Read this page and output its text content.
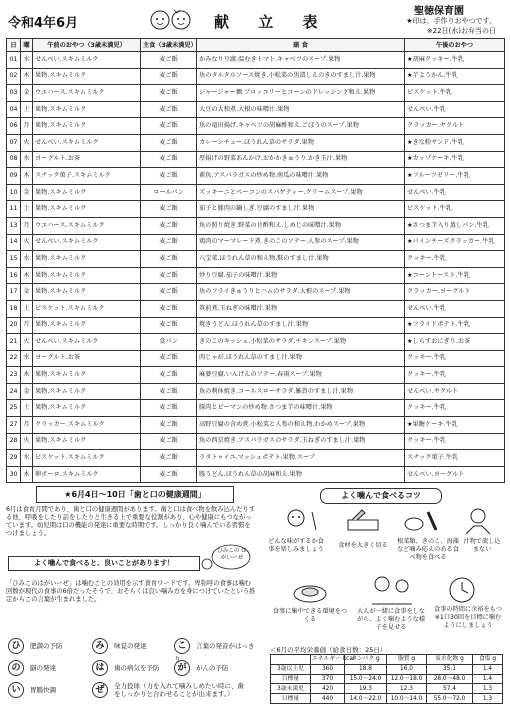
令和4年6月	献 立 表
聖徳保育園
★印は、手作りおやつです。
※22日(水)お弁当の日
日	曜	午前のおやつ（3歳未満児）	主食（3歳未満児）	副 食	午後のおやつ
01	水	せんべい.スキムミルク	麦ご飯	かみなり豆腐.温むきトマト.キャベツのスープ.果物	★胡麻クッキー.牛乳
02	木	果物.スキムミルク	麦ご飯	魚のタルタルソース焼き.小松菜の黒漬しえのきのすまし汁.果物	★芋ようかん.牛乳
03	金	ウエハース.スキムミルク	麦ご飯	ジャージャー麺.ブロッコリーとコーンのドレッシング和え.果物	ビスケット.牛乳
04	土	果物.スキムミルク	麦ご飯	大豆の大和煮.大根の味噌汁.果物	せんべい.牛乳
06	月	果物.スキムミルク	麦ご飯	魚の竜田揚げ.キャベツの胡麻酢和え.ごぼうのスープ.果物	クラッカー.ヤクルト
07	火	せんべい.スキムミルク	麦ご飯	カレーシチュー.ほうれん草のサラダ.果物	★きな粉サンド.牛乳
08	水	ヨーグルト.お茶	麦ご飯	厚揚げの野菜あんかけ.おかかきゅうり.かき玉汁.果物	★カップケーキ.牛乳
09	木	スナック菓子.スキムミルク	麦ご飯	素魚.アスパラガスの炒め物.南瓜の味噌汁.果物	★フルーツゼリー.牛乳
10	金	果物.スキムミルク	ロールパン	ズッキーニとベーコンのスパゲティー.クリームスープ.果物	せんべい.牛乳
11	土	果物.スキムミルク	麦ご飯	茄子と豚肉の鍋しぎ.豆腐のすまし汁.果物	ビスケット.牛乳
13	月	ウエハース.スキムミルク	麦ご飯	魚の照り焼き.野菜の甘酢和え.しめじの味噌汁.果物	★さつま芋入り蒸しパン.牛乳
14	火	せんべい.スキムミルク	麦ご飯	鶏肉のマーマレード煮.きのこのソテー.人参のスープ.果物	★パインチーズクラッカー.牛乳
15	水	果物.スキムミルク	麦ご飯	八宝菜.ほうれん草の和え物.麩のすまし汁.果物	クッキー.牛乳
16	木	果物.スキムミルク	麦ご飯	炒り豆腐.茄子の味噌汁.果物	★コーントースト.牛乳
17	金	果物.スキムミルク	麦ご飯	魚のフライきゅうりとハムのサラダ.大根のスープ.果物	クラッカー.ヨーグルト
18	土	ビスケット.スキムミルク	麦ご飯	筑前煮.玉ねぎの味噌汁.果物	せんべい.牛乳
20	月	果物.スキムミルク	麦ご飯	焼きうどん.ほうれん草のすまし汁.果物	★フライドポテト.牛乳
21	火	せんべい.スキムミルク	食パン	きのこのキッシュ.小松菜のサラダ.チキンスープ.果物	★しらすおにぎり.お茶
22	水	ヨーグルト.お茶	麦ご飯	肉じゃが.ほうれん草のすまし汁.果物	クッキー.牛乳
23	木	果物.スキムミルク	麦ご飯	麻婆豆腐.いんげんのソテー.春雨スープ.果物	クッキー.牛乳
24	金	果物.スキムミルク	麦ご飯	魚の利休焼き.コールスローサラダ.雑貨のすまし汁.果物	せんべい.ヤクルト
25	土	果物.スキムミルク	麦ご飯	豚肉とピーマンの炒め物.さつま芋の味噌汁.果物	クッキー.牛乳
27	月	クラッカー.スキムミルク	麦ご飯	高野豆腐の含め煮.小松菜と人参の和え物.わかめスープ.果物	★果糖ケーキ.牛乳
28	火	果物.スキムミルク	麦ご飯	魚の西京焼き.アスパラガスのサラダ.玉ねぎのすまし汁.果物	クッキー.牛乳
29	水	ビスケット.スキムミルク	麦ご飯	ラタトゥイユ.マッシュポテト.果物.スープ	スナック菓子.牛乳
30	木	卵ボーロ.スキムミルク	麦ご飯	豚うどん.ほうれん草の胡麻和え.果物	せんべい.ヨーグルト
★6月4日〜10日「歯と口の健康週間」
6月は食育月間であり、歯と口の健康週間があります。歯と口は食べ物を飲み込んだりする他、呼吸をしたり話をしたりと生きる上で重要な役割があり、心や健康にもつながっています。幼児期は口の機能の発達に重要な時期です。しっかり良く噛んでいる習慣をつけましょう。
よく噛んで食べると、良いことがあります！
ひみこの はがいーぜ
「ひみこのはがいーぜ」は噛むことの効用を示す食育ワードです。卑弥呼の食事は噛む回数が現代の食事の6倍だったそうで、おそらくは良い噛み方を身につけていたという推定からこの言葉が生まれました。
ひ 肥満の予防	み 味覚の発達	こ 言葉の発音がはっきり
の 脳の発達	は 歯の病気を予防	が がんの予防
い 胃腸快調	ぜ 全力投球（力を入れて噛みしめたい時に、歯をしっかりと合わせることが出来ます。）
よく噛んで食べるコツ
どんな味がするか食事を楽しみましょう
食材を大きく切る
根菜類、きのこ、海藻など噛み応えのある食べ物を食べる
汁物で流し込まない
食事に集中できる環境をつくる
大人が一緒に食事をしながら、よく噛むような様子を見せる
食事の時間に余裕をもつ ※1口30回を目標に噛むようにしましょう
＜6月の平均栄養価（給食日数：25日）
	エネルギー kcal	タンパク g	脂質 g	炭水化物 g	食塩 g
3歳以上児	360	18.8	16.0	35.1	1.4
目標量	370	15.0〜24.0	12.0〜18.0	28.0〜48.0	1.4
3歳未満児	420	19.3	12.3	57.4	1.3
目標量	440	14.0〜22.0	10.0〜14.0	55.0〜72.0	1.3
